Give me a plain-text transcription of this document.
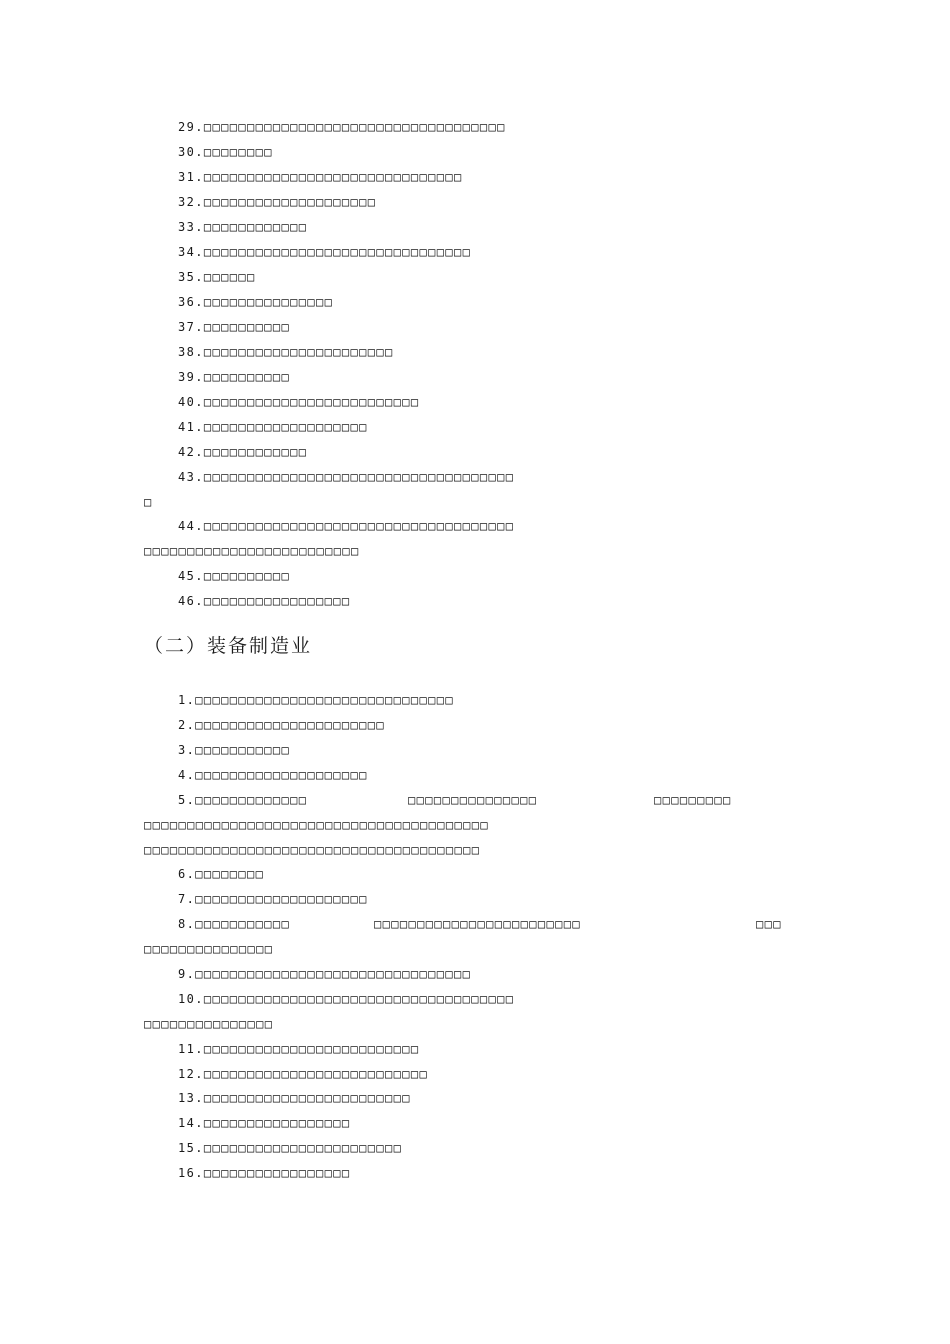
29.□□□□□□□□□□□□□□□□□□□□□□□□□□□□□□□□□□□
30.□□□□□□□□
31.□□□□□□□□□□□□□□□□□□□□□□□□□□□□□□
32.□□□□□□□□□□□□□□□□□□□□
33.□□□□□□□□□□□□
34.□□□□□□□□□□□□□□□□□□□□□□□□□□□□□□□
35.□□□□□□
36.□□□□□□□□□□□□□□□
37.□□□□□□□□□□
38.□□□□□□□□□□□□□□□□□□□□□□
39.□□□□□□□□□□
40.□□□□□□□□□□□□□□□□□□□□□□□□□
41.□□□□□□□□□□□□□□□□□□□
42.□□□□□□□□□□□□
43.□□□□□□□□□□□□□□□□□□□□□□□□□□□□□□□□□□□□
□
44.□□□□□□□□□□□□□□□□□□□□□□□□□□□□□□□□□□□□
□□□□□□□□□□□□□□□□□□□□□□□□□
45.□□□□□□□□□□
46.□□□□□□□□□□□□□□□□□
（二）装备制造业
1.□□□□□□□□□□□□□□□□□□□□□□□□□□□□□□
2.□□□□□□□□□□□□□□□□□□□□□□
3.□□□□□□□□□□□
4.□□□□□□□□□□□□□□□□□□□□
5.□□□□□□□□□□□□□	□□□□□□□□□□□□□□□	□□□□□□□□□
□□□□□□□□□□□□□□□□□□□□□□□□□□□□□□□□□□□□□□□□
□□□□□□□□□□□□□□□□□□□□□□□□□□□□□□□□□□□□□□□
6.□□□□□□□□
7.□□□□□□□□□□□□□□□□□□□□
8.□□□□□□□□□□□	□□□□□□□□□□□□□□□□□□□□□□□□	□□□
□□□□□□□□□□□□□□□
9.□□□□□□□□□□□□□□□□□□□□□□□□□□□□□□□□
10.□□□□□□□□□□□□□□□□□□□□□□□□□□□□□□□□□□□□
□□□□□□□□□□□□□□□
11.□□□□□□□□□□□□□□□□□□□□□□□□□
12.□□□□□□□□□□□□□□□□□□□□□□□□□□
13.□□□□□□□□□□□□□□□□□□□□□□□□
14.□□□□□□□□□□□□□□□□□
15.□□□□□□□□□□□□□□□□□□□□□□□
16.□□□□□□□□□□□□□□□□□
